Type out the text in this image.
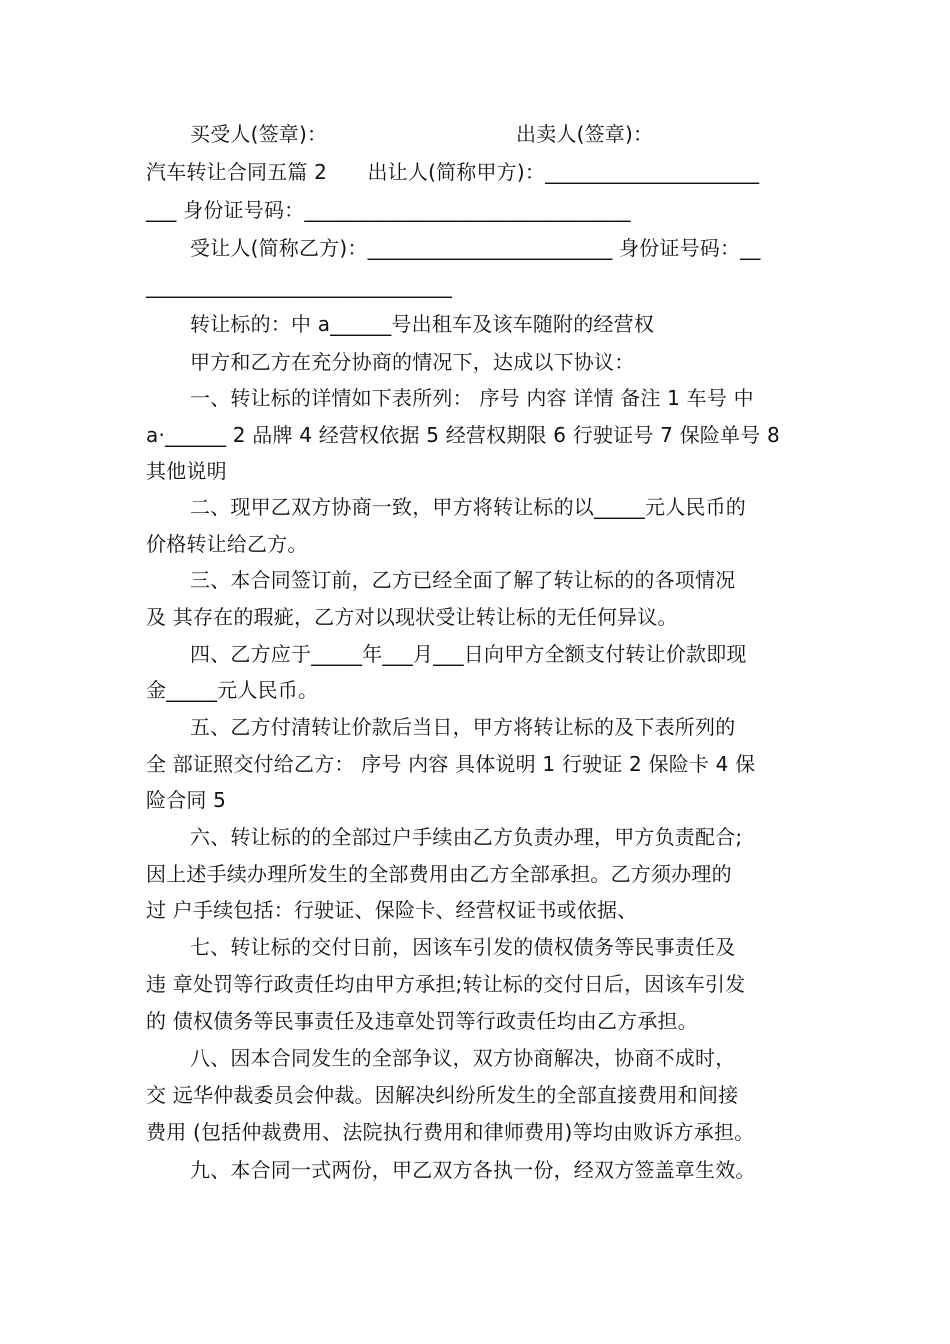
买受人(签章)：	出卖人(签章)：
汽车转让合同五篇 2　　出让人(简称甲方)：_____________________
___ 身份证号码：________________________________
受让人(简称乙方)：________________________ 身份证号码：__
______________________________
转让标的：中 a______号出租车及该车随附的经营权
甲方和乙方在充分协商的情况下，达成以下协议：
一、转让标的详情如下表所列： 序号 内容 详情 备注 1 车号 中
a·______ 2 品牌 4 经营权依据 5 经营权期限 6 行驶证号 7 保险单号 8
其他说明
二、现甲乙双方协商一致，甲方将转让标的以_____元人民币的
价格转让给乙方。
三、本合同签订前，乙方已经全面了解了转让标的的各项情况
及 其存在的瑕疵，乙方对以现状受让转让标的无任何异议。
四、乙方应于_____年___月___日向甲方全额支付转让价款即现
金_____元人民币。
五、乙方付清转让价款后当日，甲方将转让标的及下表所列的
全 部证照交付给乙方： 序号 内容 具体说明 1 行驶证 2 保险卡 4 保
险合同 5
六、转让标的的全部过户手续由乙方负责办理，甲方负责配合;
因上述手续办理所发生的全部费用由乙方全部承担。乙方须办理的
过 户手续包括：行驶证、保险卡、经营权证书或依据、
七、转让标的交付日前，因该车引发的债权债务等民事责任及
违 章处罚等行政责任均由甲方承担;转让标的交付日后，因该车引发
的 债权债务等民事责任及违章处罚等行政责任均由乙方承担。
八、因本合同发生的全部争议，双方协商解决，协商不成时，
交 远华仲裁委员会仲裁。因解决纠纷所发生的全部直接费用和间接
费用 (包括仲裁费用、法院执行费用和律师费用)等均由败诉方承担。
九、本合同一式两份，甲乙双方各执一份，经双方签盖章生效。
